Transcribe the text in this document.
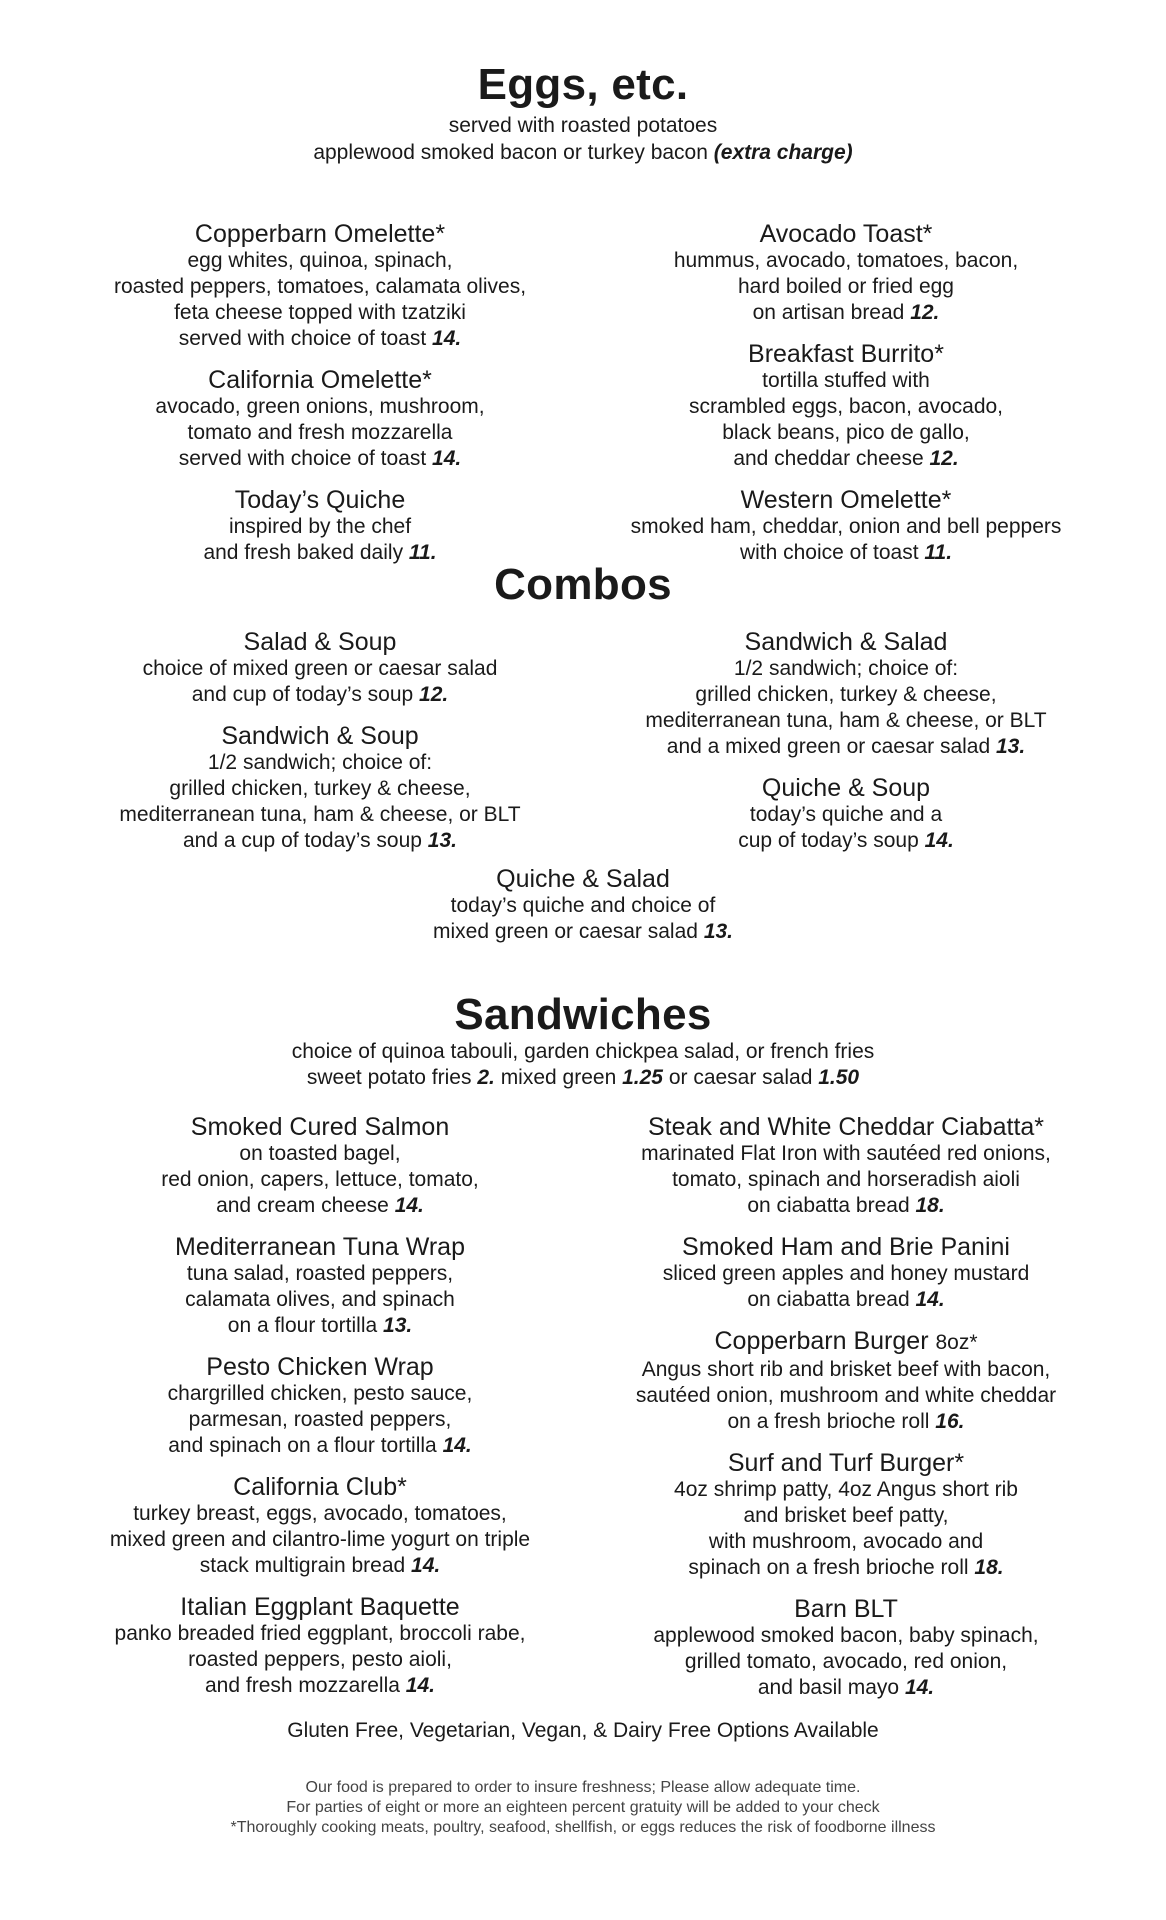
Eggs, etc.
served with roasted potatoes
applewood smoked bacon or turkey bacon (extra charge)
Copperbarn Omelette*
egg whites, quinoa, spinach,
roasted peppers, tomatoes, calamata olives,
feta cheese topped with tzatziki
served with choice of toast 14.
California Omelette*
avocado, green onions, mushroom,
tomato and fresh mozzarella
served with choice of toast 14.
Today’s Quiche
inspired by the chef
and fresh baked daily 11.
Avocado Toast*
hummus, avocado, tomatoes, bacon,
hard boiled or fried egg
on artisan bread 12.
Breakfast Burrito*
tortilla stuffed with
scrambled eggs, bacon, avocado,
black beans, pico de gallo,
and cheddar cheese 12.
Western Omelette*
smoked ham, cheddar, onion and bell peppers
with choice of toast 11.
Combos
Salad & Soup
choice of mixed green or caesar salad
and cup of today’s soup 12.
Sandwich & Soup
1/2 sandwich; choice of:
grilled chicken, turkey & cheese,
mediterranean tuna, ham & cheese, or BLT
and a cup of today’s soup 13.
Sandwich & Salad
1/2 sandwich; choice of:
grilled chicken, turkey & cheese,
mediterranean tuna, ham & cheese, or BLT
and a mixed green or caesar salad 13.
Quiche & Soup
today’s quiche and a
cup of today’s soup 14.
Quiche & Salad
today’s quiche and choice of
mixed green or caesar salad 13.
Sandwiches
choice of quinoa tabouli, garden chickpea salad, or french fries
sweet potato fries 2. mixed green 1.25 or caesar salad 1.50
Smoked Cured Salmon
on toasted bagel,
red onion, capers, lettuce, tomato,
and cream cheese 14.
Mediterranean Tuna Wrap
tuna salad, roasted peppers,
calamata olives, and spinach
on a flour tortilla 13.
Pesto Chicken Wrap
chargrilled chicken, pesto sauce,
parmesan, roasted peppers,
and spinach on a flour tortilla 14.
California Club*
turkey breast, eggs, avocado, tomatoes,
mixed green and cilantro-lime yogurt on triple
stack multigrain bread 14.
Italian Eggplant Baquette
panko breaded fried eggplant, broccoli rabe,
roasted peppers, pesto aioli,
and fresh mozzarella 14.
Steak and White Cheddar Ciabatta*
marinated Flat Iron with sautéed red onions,
tomato, spinach and horseradish aioli
on ciabatta bread 18.
Smoked Ham and Brie Panini
sliced green apples and honey mustard
on ciabatta bread 14.
Copperbarn Burger 8oz*
Angus short rib and brisket beef with bacon,
sautéed onion, mushroom and white cheddar
on a fresh brioche roll 16.
Surf and Turf Burger*
4oz shrimp patty, 4oz Angus short rib
and brisket beef patty,
with mushroom, avocado and
spinach on a fresh brioche roll 18.
Barn BLT
applewood smoked bacon, baby spinach,
grilled tomato, avocado, red onion,
and basil mayo 14.
Gluten Free, Vegetarian, Vegan, & Dairy Free Options Available
Our food is prepared to order to insure freshness; Please allow adequate time.
For parties of eight or more an eighteen percent gratuity will be added to your check
*Thoroughly cooking meats, poultry, seafood, shellfish, or eggs reduces the risk of foodborne illness
